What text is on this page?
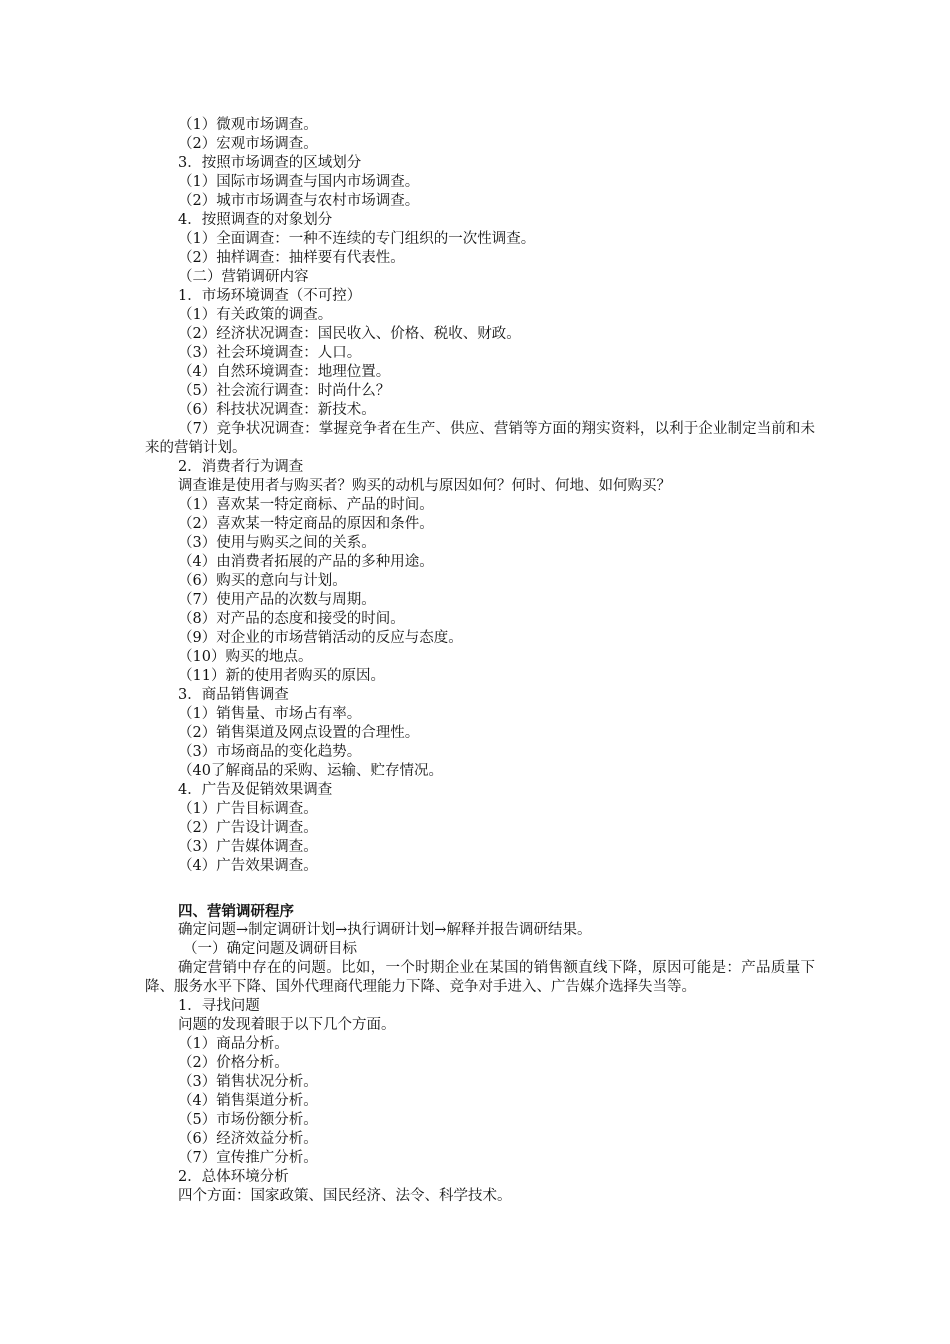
（1）微观市场调查。
（2）宏观市场调查。
3．按照市场调查的区域划分
（1）国际市场调查与国内市场调查。
（2）城市市场调查与农村市场调查。
4．按照调查的对象划分
（1）全面调查：一种不连续的专门组织的一次性调查。
（2）抽样调查：抽样要有代表性。
（二）营销调研内容
1．市场环境调查（不可控）
（1）有关政策的调查。
（2）经济状况调查：国民收入、价格、税收、财政。
（3）社会环境调查：人口。
（4）自然环境调查：地理位置。
（5）社会流行调查：时尚什么？
（6）科技状况调查：新技术。
（7）竞争状况调查：掌握竞争者在生产、供应、营销等方面的翔实资料，以利于企业制定当前和未来的营销计划。
2．消费者行为调查
调查谁是使用者与购买者？购买的动机与原因如何？何时、何地、如何购买？
（1）喜欢某一特定商标、产品的时间。
（2）喜欢某一特定商品的原因和条件。
（3）使用与购买之间的关系。
（4）由消费者拓展的产品的多种用途。
（6）购买的意向与计划。
（7）使用产品的次数与周期。
（8）对产品的态度和接受的时间。
（9）对企业的市场营销活动的反应与态度。
（10）购买的地点。
（11）新的使用者购买的原因。
3．商品销售调查
（1）销售量、市场占有率。
（2）销售渠道及网点设置的合理性。
（3）市场商品的变化趋势。
（40了解商品的采购、运输、贮存情况。
4．广告及促销效果调查
（1）广告目标调查。
（2）广告设计调查。
（3）广告媒体调查。
（4）广告效果调查。
四、营销调研程序
确定问题→制定调研计划→执行调研计划→解释并报告调研结果。
（一）确定问题及调研目标
确定营销中存在的问题。比如，一个时期企业在某国的销售额直线下降，原因可能是：产品质量下降、服务水平下降、国外代理商代理能力下降、竞争对手进入、广告媒介选择失当等。
1．寻找问题
问题的发现着眼于以下几个方面。
（1）商品分析。
（2）价格分析。
（3）销售状况分析。
（4）销售渠道分析。
（5）市场份额分析。
（6）经济效益分析。
（7）宣传推广分析。
2．总体环境分析
四个方面：国家政策、国民经济、法令、科学技术。
